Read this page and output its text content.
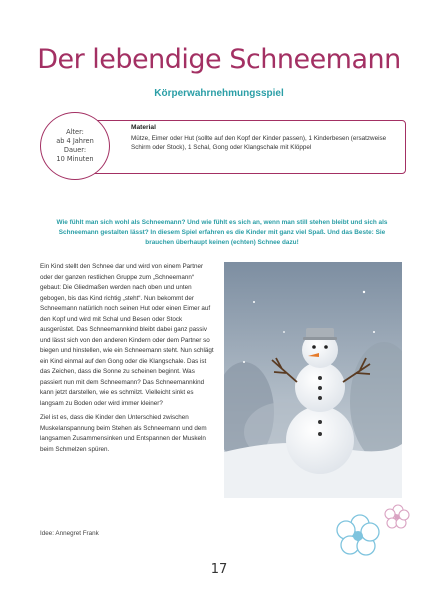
Der lebendige Schneemann
Körperwahrnehmungsspiel
Material
Mütze, Eimer oder Hut (sollte auf den Kopf der Kinder passen), 1 Kinderbesen (ersatzweise Schirm oder Stock), 1 Schal, Gong oder Klangschale mit Klöppel
Alter:
ab 4 Jahren
Dauer:
10 Minuten
Wie fühlt man sich wohl als Schneemann? Und wie fühlt es sich an, wenn man still stehen bleibt und sich als Schneemann gestalten lässt? In diesem Spiel erfahren es die Kinder mit ganz viel Spaß. Und das Beste: Sie brauchen überhaupt keinen (echten) Schnee dazu!

Ein Kind stellt den Schnee dar und wird von einem Partner oder der ganzen restlichen Gruppe zum „Schneemann“ gebaut: Die Gliedmaßen werden nach oben und unten gebogen, bis das Kind richtig „steht“. Nun bekommt der Schneemann natürlich noch seinen Hut oder einen Eimer auf den Kopf und wird mit Schal und Besen oder Stock ausgerüstet. Das Schneemannkind bleibt dabei ganz passiv und lässt sich von den anderen Kindern oder dem Partner so biegen und hinstellen, wie ein Schneemann steht. Nun schlägt ein Kind einmal auf den Gong oder die Klangschale. Das ist das Zeichen, dass die Sonne zu scheinen beginnt. Was passiert nun mit dem Schneemann? Das Schneemannkind kann jetzt darstellen, wie es schmilzt. Vielleicht sinkt es langsam zu Boden oder wird immer kleiner?

Ziel ist es, dass die Kinder den Unterschied zwischen Muskelanspannung beim Stehen als Schneemann und dem langsamen Zusammensinken und Entspannen der Muskeln beim Schmelzen spüren.

Idee: Annegret Frank
17
